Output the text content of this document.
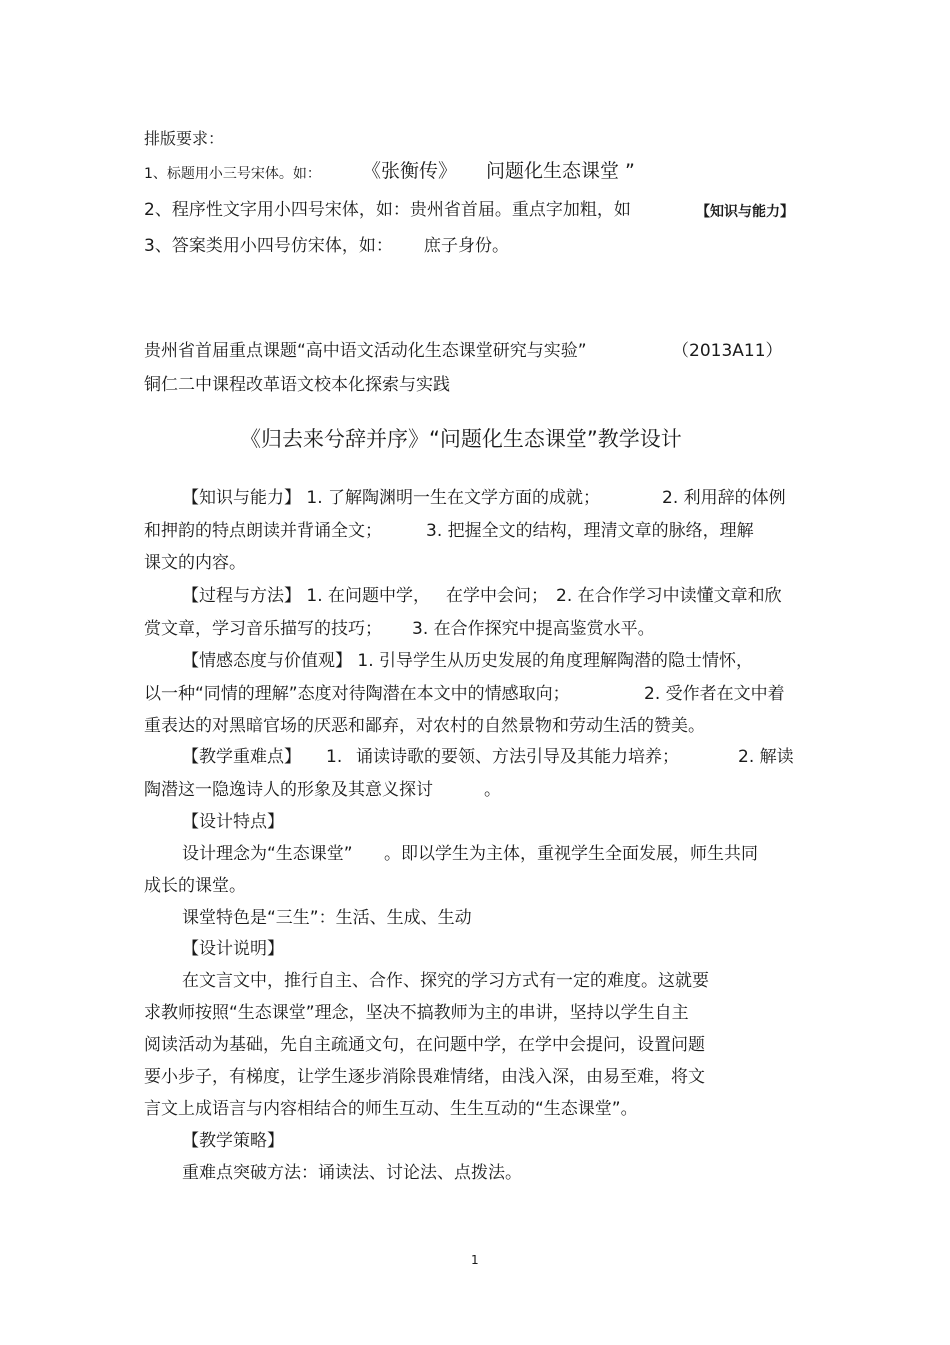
排版要求：
1、标题用小三号宋体。如： 《张衡传》 问题化生态课堂 ”
2、程序性文字用小四号宋体，如：贵州省首届。重点字加粗，如	【知识与能力】
3、答案类用小四号仿宋体，如： 庶子身份。
贵州省首届重点课题“高中语文活动化生态课堂研究与实验”	（2013A11）
铜仁二中课程改革语文校本化探索与实践
《归去来兮辞并序》“问题化生态课堂”教学设计
【知识与能力】 1. 了解陶渊明一生在文学方面的成就；	2. 利用辞的体例
和押韵的特点朗读并背诵全文；	3. 把握全文的结构，理清文章的脉络，理解
课文的内容。
【过程与方法】 1. 在问题中学， 在学中会问； 2. 在合作学习中读懂文章和欣
赏文章，学习音乐描写的技巧； 3. 在合作探究中提高鉴赏水平。
【情感态度与价值观】 1. 引导学生从历史发展的角度理解陶潜的隐士情怀，
以一种“同情的理解”态度对待陶潜在本文中的情感取向；	2. 受作者在文中着
重表达的对黑暗官场的厌恶和鄙弃，对农村的自然景物和劳动生活的赞美。
【教学重难点】 1. 诵读诗歌的要领、方法引导及其能力培养；	2. 解读
陶潜这一隐逸诗人的形象及其意义探讨	。
【设计特点】
设计理念为“生态课堂” 。即以学生为主体，重视学生全面发展，师生共同
成长的课堂。
课堂特色是“三生”：生活、生成、生动
【设计说明】
在文言文中，推行自主、合作、探究的学习方式有一定的难度。这就要
求教师按照“生态课堂”理念，坚决不搞教师为主的串讲，坚持以学生自主
阅读活动为基础，先自主疏通文句，在问题中学，在学中会提问，设置问题
要小步子，有梯度，让学生逐步消除畏难情绪，由浅入深，由易至难，将文
言文上成语言与内容相结合的师生互动、生生互动的“生态课堂”。
【教学策略】
重难点突破方法：诵读法、讨论法、点拨法。
1
